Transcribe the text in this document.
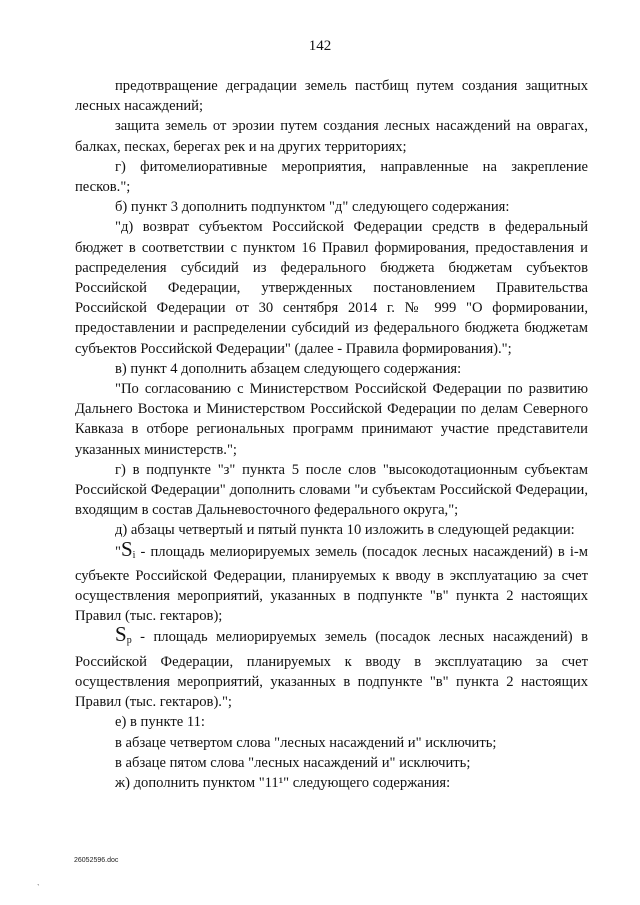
142

предотвращение деградации земель пастбищ путем создания защитных лесных насаждений;

защита земель от эрозии путем создания лесных насаждений на оврагах, балках, песках, берегах рек и на других территориях;

г) фитомелиоративные мероприятия, направленные на закрепление песков.";

б) пункт 3 дополнить подпунктом "д" следующего содержания:

"д) возврат субъектом Российской Федерации средств в федеральный бюджет в соответствии с пунктом 16 Правил формирования, предоставления и распределения субсидий из федерального бюджета бюджетам субъектов Российской Федерации, утвержденных постановлением Правительства Российской Федерации от 30 сентября 2014 г. № 999 "О формировании, предоставлении и распределении субсидий из федерального бюджета бюджетам субъектов Российской Федерации" (далее - Правила формирования).";

в) пункт 4 дополнить абзацем следующего содержания:

"По согласованию с Министерством Российской Федерации по развитию Дальнего Востока и Министерством Российской Федерации по делам Северного Кавказа в отборе региональных программ принимают участие представители указанных министерств.";

г) в подпункте "з" пункта 5 после слов "высокодотационным субъектам Российской Федерации" дополнить словами "и субъектам Российской Федерации, входящим в состав Дальневосточного федерального округа,";

д) абзацы четвертый и пятый пункта 10 изложить в следующей редакции:

"$S_i$ - площадь мелиорируемых земель (посадок лесных насаждений) в i-м субъекте Российской Федерации, планируемых к вводу в эксплуатацию за счет осуществления мероприятий, указанных в подпункте "в" пункта 2 настоящих Правил (тыс. гектаров);

$S_р$ - площадь мелиорируемых земель (посадок лесных насаждений) в Российской Федерации, планируемых к вводу в эксплуатацию за счет осуществления мероприятий, указанных в подпункте "в" пункта 2 настоящих Правил (тыс. гектаров).";

е) в пункте 11:

в абзаце четвертом слова "лесных насаждений и" исключить;

в абзаце пятом слова "лесных насаждений и" исключить;

ж) дополнить пунктом "11¹" следующего содержания:

26052596.doc
`
